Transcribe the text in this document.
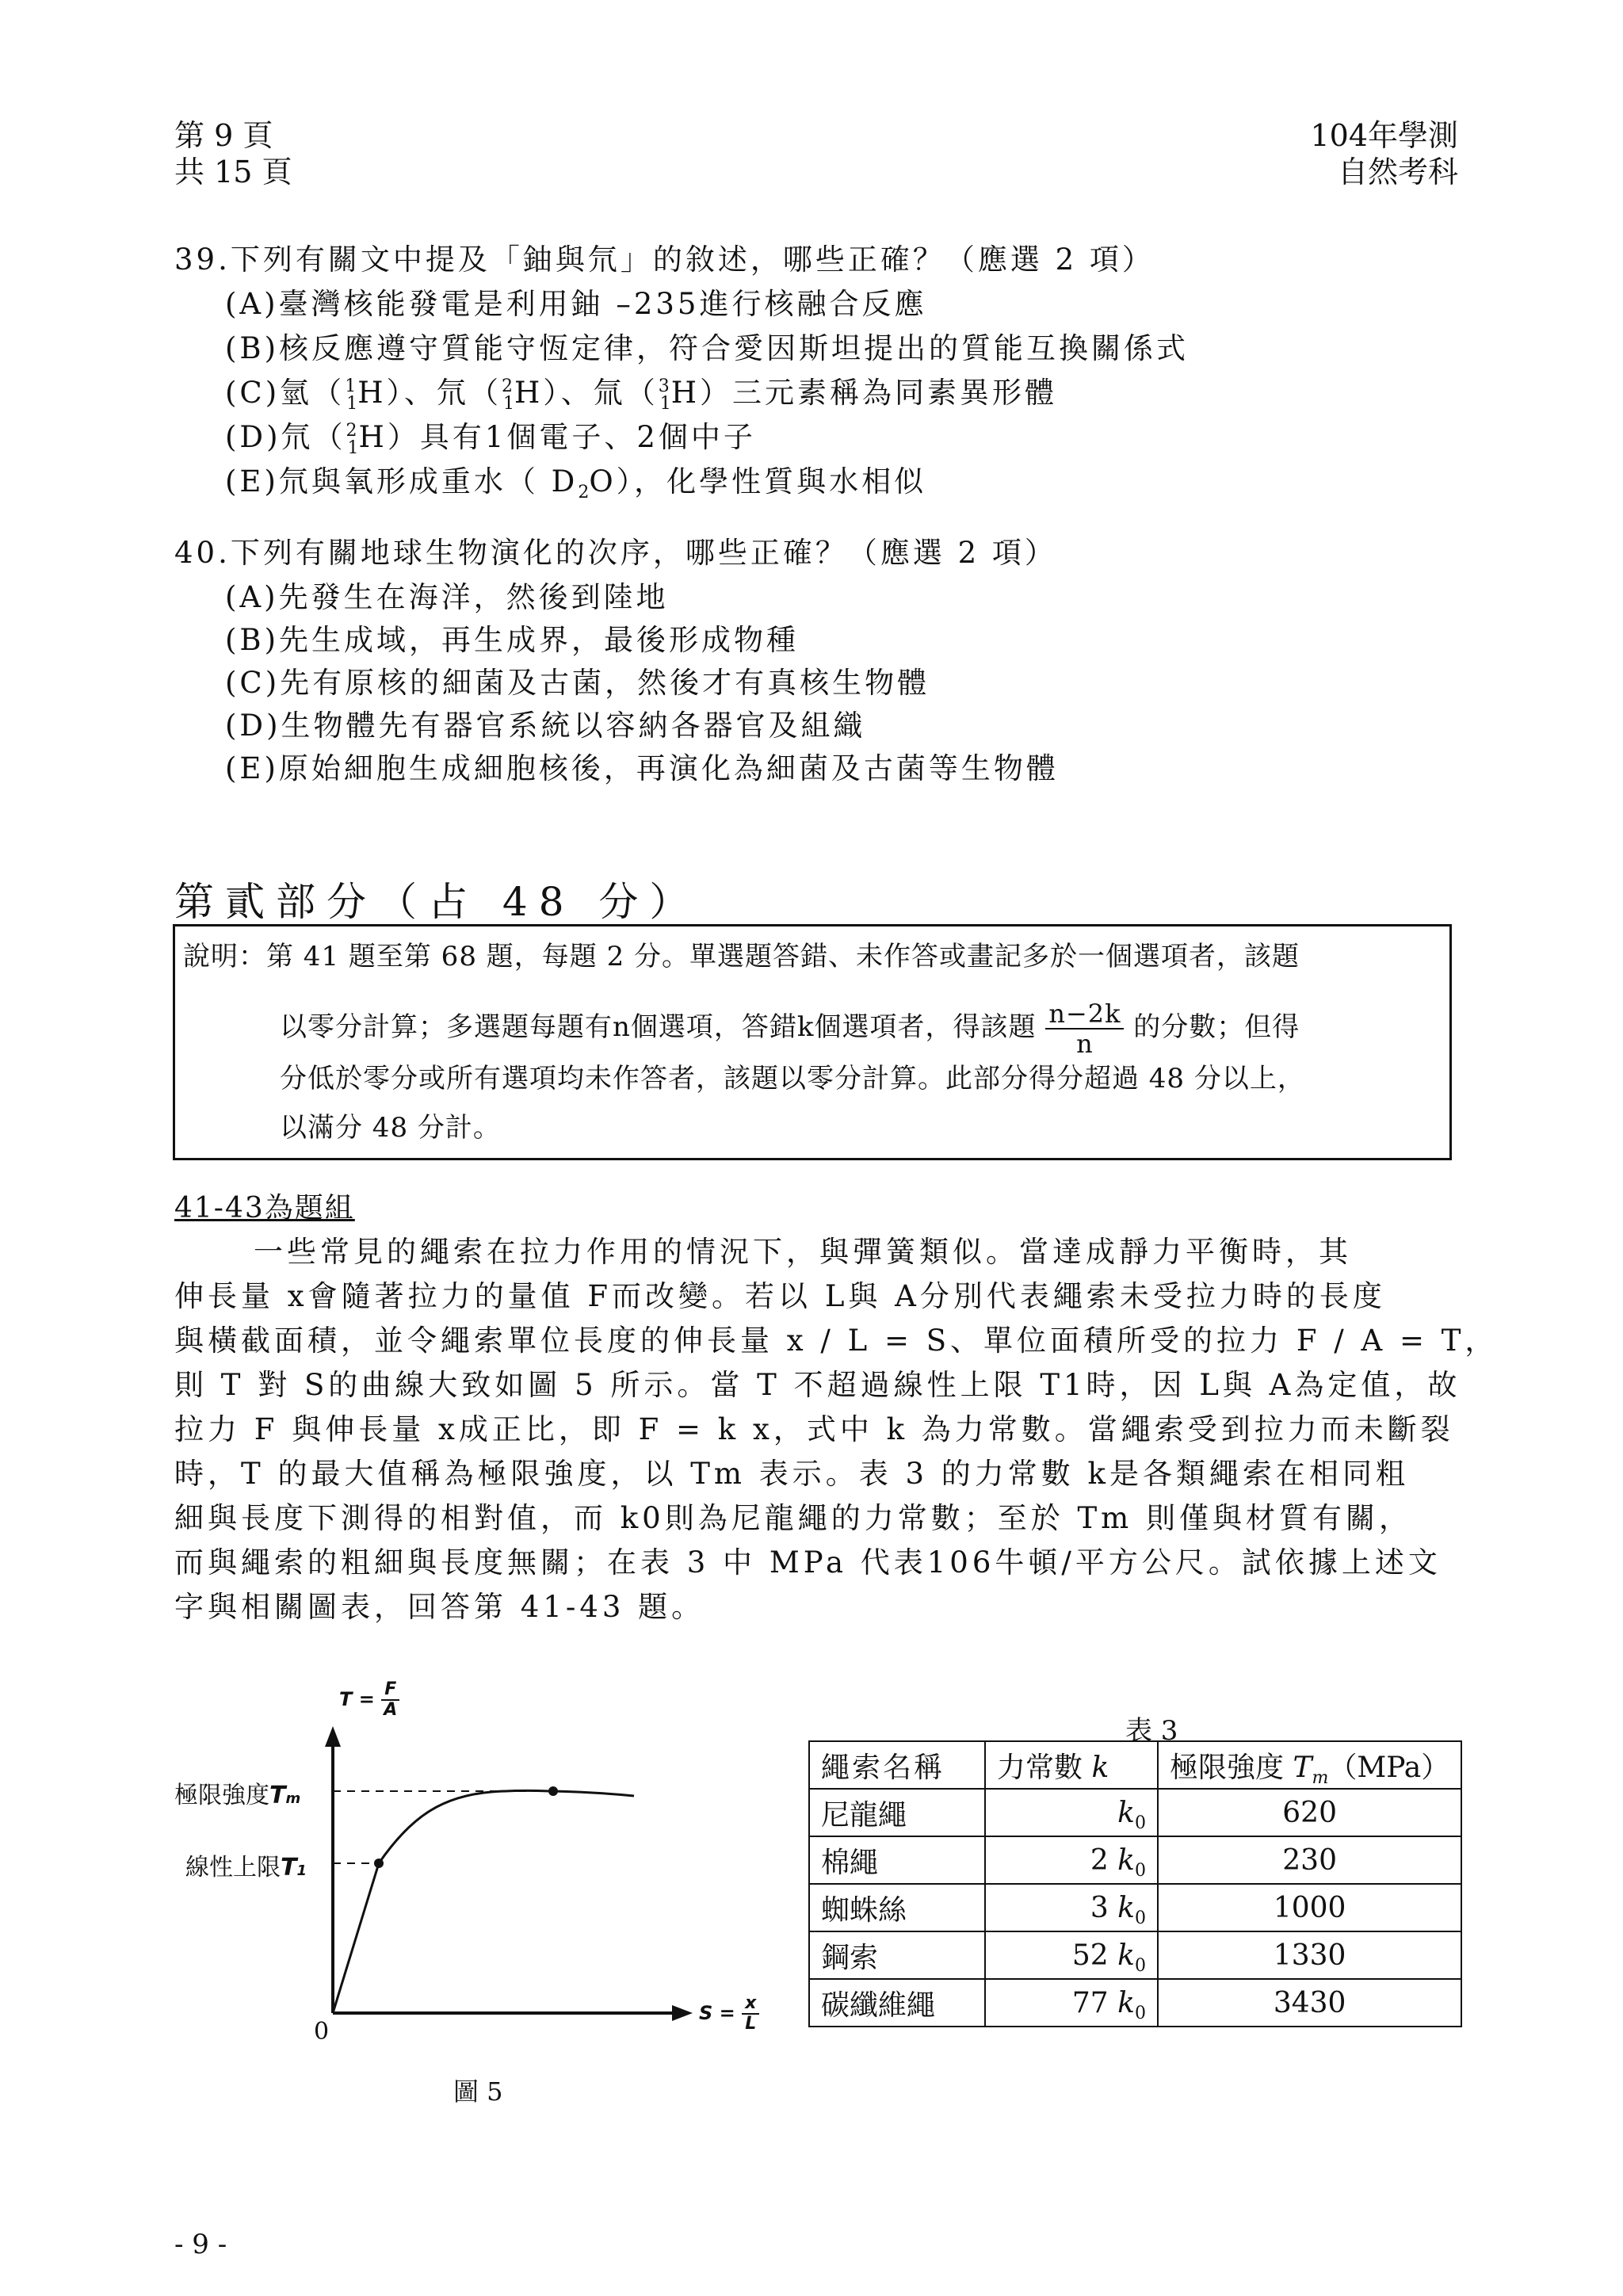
第 9 頁
共 15 頁
104年學測
自然考科
39.下列有關文中提及「鈾與氘」的敘述，哪些正確？（應選 2 項）
(A)臺灣核能發電是利用鈾 –235進行核融合反應
(B)核反應遵守質能守恆定律，符合愛因斯坦提出的質能互換關係式
(C)氫（$^1_1$H）、氘（$^2_1$H）、氚（$^3_1$H）三元素稱為同素異形體
(D)氘（$^2_1$H）具有1個電子、2個中子
(E)氘與氧形成重水（ $D_2O$），化學性質與水相似
40.下列有關地球生物演化的次序，哪些正確？（應選 2 項）
(A)先發生在海洋，然後到陸地
(B)先生成域，再生成界，最後形成物種
(C)先有原核的細菌及古菌，然後才有真核生物體
(D)生物體先有器官系統以容納各器官及組織
(E)原始細胞生成細胞核後，再演化為細菌及古菌等生物體
第貳部分（占 48 分）
說明：第 41 題至第 68 題，每題 2 分。單選題答錯、未作答或畫記多於一個選項者，該題
以零分計算；多選題每題有n個選項，答錯k個選項者，得該題 $\frac{n-2k}{n}$ 的分數；但得
分低於零分或所有選項均未作答者，該題以零分計算。此部分得分超過 48 分以上，
以滿分 48 分計。
41-43為題組
一些常見的繩索在拉力作用的情況下，與彈簧類似。當達成靜力平衡時，其
伸長量 x會隨著拉力的量值 F而改變。若以 L與 A分別代表繩索未受拉力時的長度
與橫截面積，並令繩索單位長度的伸長量 x / L = S、單位面積所受的拉力 F / A = T，
則 T 對 S的曲線大致如圖 5 所示。當 T 不超過線性上限 T1時，因 L與 A為定值，故
拉力 F 與伸長量 x成正比，即 F = k x，式中 k 為力常數。當繩索受到拉力而未斷裂
時，T 的最大值稱為極限強度，以 Tm 表示。表 3 的力常數 k是各類繩索在相同粗
細與長度下測得的相對值，而 k0則為尼龍繩的力常數；至於 Tm 則僅與材質有關，
而與繩索的粗細與長度無關；在表 3 中 MPa 代表106牛頓/平方公尺。試依據上述文
字與相關圖表，回答第 41-43 題。
$T = \frac{F}{A}$
極限強度Tm
線性上限T1
0
$S = \frac{x}{L}$
圖 5
表 3
繩索名稱	力常數 k	極限強度 $T_m(MPa)$
尼龍繩	$k_0$	620
棉繩	2 $k_0$	230
蜘蛛絲	3 $k_0$	1000
鋼索	52 $k_0$	1330
碳纖維繩	77 $k_0$	3430
- 9 -
